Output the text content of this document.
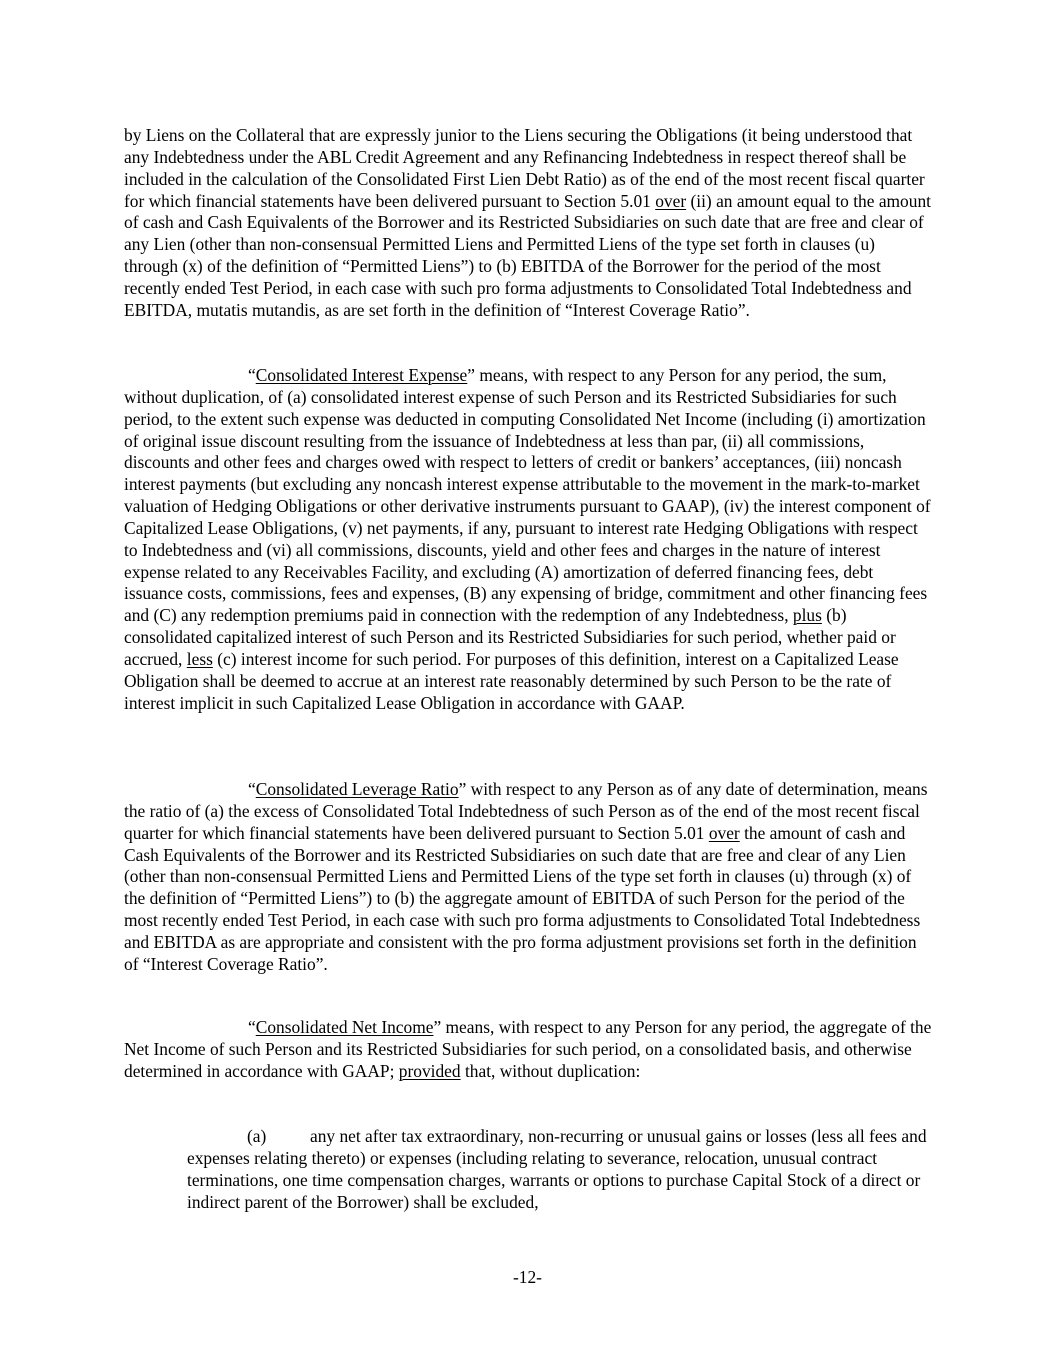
by Liens on the Collateral that are expressly junior to the Liens securing the Obligations (it being understood that any Indebtedness under the ABL Credit Agreement and any Refinancing Indebtedness in respect thereof shall be included in the calculation of the Consolidated First Lien Debt Ratio) as of the end of the most recent fiscal quarter for which financial statements have been delivered pursuant to Section 5.01 over (ii) an amount equal to the amount of cash and Cash Equivalents of the Borrower and its Restricted Subsidiaries on such date that are free and clear of any Lien (other than non-consensual Permitted Liens and Permitted Liens of the type set forth in clauses (u) through (x) of the definition of “Permitted Liens”) to (b) EBITDA of the Borrower for the period of the most recently ended Test Period, in each case with such pro forma adjustments to Consolidated Total Indebtedness and EBITDA, mutatis mutandis, as are set forth in the definition of “Interest Coverage Ratio”.

“Consolidated Interest Expense” means, with respect to any Person for any period, the sum, without duplication, of (a) consolidated interest expense of such Person and its Restricted Subsidiaries for such period, to the extent such expense was deducted in computing Consolidated Net Income (including (i) amortization of original issue discount resulting from the issuance of Indebtedness at less than par, (ii) all commissions, discounts and other fees and charges owed with respect to letters of credit or bankers’ acceptances, (iii) noncash interest payments (but excluding any noncash interest expense attributable to the movement in the mark-to-market valuation of Hedging Obligations or other derivative instruments pursuant to GAAP), (iv) the interest component of Capitalized Lease Obligations, (v) net payments, if any, pursuant to interest rate Hedging Obligations with respect to Indebtedness and (vi) all commissions, discounts, yield and other fees and charges in the nature of interest expense related to any Receivables Facility, and excluding (A) amortization of deferred financing fees, debt issuance costs, commissions, fees and expenses, (B) any expensing of bridge, commitment and other financing fees and (C) any redemption premiums paid in connection with the redemption of any Indebtedness, plus (b) consolidated capitalized interest of such Person and its Restricted Subsidiaries for such period, whether paid or accrued, less (c) interest income for such period. For purposes of this definition, interest on a Capitalized Lease Obligation shall be deemed to accrue at an interest rate reasonably determined by such Person to be the rate of interest implicit in such Capitalized Lease Obligation in accordance with GAAP.

“Consolidated Leverage Ratio” with respect to any Person as of any date of determination, means the ratio of (a) the excess of Consolidated Total Indebtedness of such Person as of the end of the most recent fiscal quarter for which financial statements have been delivered pursuant to Section 5.01 over the amount of cash and Cash Equivalents of the Borrower and its Restricted Subsidiaries on such date that are free and clear of any Lien (other than non-consensual Permitted Liens and Permitted Liens of the type set forth in clauses (u) through (x) of the definition of “Permitted Liens”) to (b) the aggregate amount of EBITDA of such Person for the period of the most recently ended Test Period, in each case with such pro forma adjustments to Consolidated Total Indebtedness and EBITDA as are appropriate and consistent with the pro forma adjustment provisions set forth in the definition of “Interest Coverage Ratio”.

“Consolidated Net Income” means, with respect to any Person for any period, the aggregate of the Net Income of such Person and its Restricted Subsidiaries for such period, on a consolidated basis, and otherwise determined in accordance with GAAP; provided that, without duplication:

(a)	any net after tax extraordinary, non-recurring or unusual gains or losses (less all fees and expenses relating thereto) or expenses (including relating to severance, relocation, unusual contract terminations, one time compensation charges, warrants or options to purchase Capital Stock of a direct or indirect parent of the Borrower) shall be excluded,

-12-
